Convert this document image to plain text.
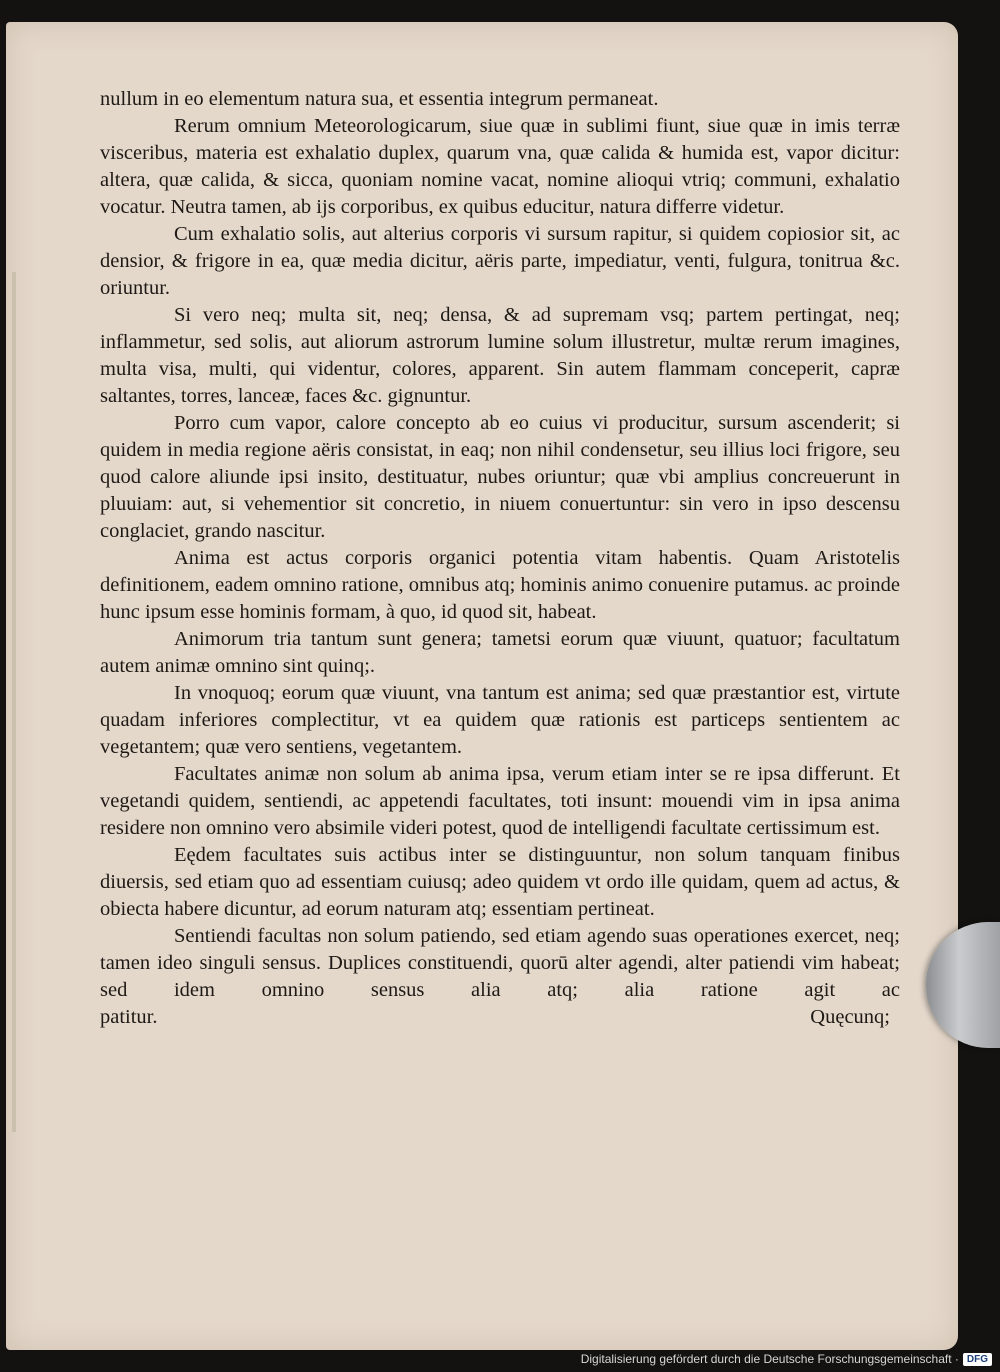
nullum in eo elementum natura sua, et essentia integrum permaneat.

Rerum omnium Meteorologicarum, siue quæ in sublimi fiunt, siue quæ in imis terræ visceribus, materia est exhalatio duplex, quarum vna, quæ calida & humida est, vapor dicitur: altera, quæ calida, & sicca, quoniam nomine vacat, nomine alioqui vtriq; communi, exhalatio vocatur. Neutra tamen, ab ijs corporibus, ex quibus educitur, natura differre videtur.

Cum exhalatio solis, aut alterius corporis vi sursum rapitur, si quidem copiosior sit, ac densior, & frigore in ea, quæ media dicitur, aëris parte, impediatur, venti, fulgura, tonitrua &c. oriuntur.

Si vero neq; multa sit, neq; densa, & ad supremam vsq; partem pertingat, neq; inflammetur, sed solis, aut aliorum astrorum lumine solum illustretur, multæ rerum imagines, multa visa, multi, qui videntur, colores, apparent. Sin autem flammam conceperit, capræ saltantes, torres, lanceæ, faces &c. gignuntur.

Porro cum vapor, calore concepto ab eo cuius vi producitur, sursum ascenderit; si quidem in media regione aëris consistat, in eaq; non nihil condensetur, seu illius loci frigore, seu quod calore aliunde ipsi insito, destituatur, nubes oriuntur; quæ vbi amplius concreuerunt in pluuiam: aut, si vehementior sit concretio, in niuem conuertuntur: sin vero in ipso descensu conglaciet, grando nascitur.

Anima est actus corporis organici potentia vitam habentis. Quam Aristotelis definitionem, eadem omnino ratione, omnibus atq; hominis animo conuenire putamus. ac proinde hunc ipsum esse hominis formam, à quo, id quod sit, habeat.

Animorum tria tantum sunt genera; tametsi eorum quæ viuunt, quatuor; facultatum autem animæ omnino sint quinq;.

In vnoquoq; eorum quæ viuunt, vna tantum est anima; sed quæ præstantior est, virtute quadam inferiores complectitur, vt ea quidem quæ rationis est particeps sentientem ac vegetantem; quæ vero sentiens, vegetantem.

Facultates animæ non solum ab anima ipsa, verum etiam inter se re ipsa differunt. Et vegetandi quidem, sentiendi, ac appetendi facultates, toti insunt: mouendi vim in ipsa anima residere non omnino vero absimile videri potest, quod de intelligendi facultate certissimum est.

Eędem facultates suis actibus inter se distinguuntur, non solum tanquam finibus diuersis, sed etiam quo ad essentiam cuiusq; adeo quidem vt ordo ille quidam, quem ad actus, & obiecta habere dicuntur, ad eorum naturam atq; essentiam pertineat.

Sentiendi facultas non solum patiendo, sed etiam agendo suas operationes exercet, neq; tamen ideo singuli sensus. Duplices constituendi, quorū alter agendi, alter patiendi vim habeat; sed idem omnino sensus alia atq; alia ratione agit ac

patitur.	Quęcunq;
Digitalisierung gefördert durch die Deutsche Forschungsgemeinschaft · DFG
